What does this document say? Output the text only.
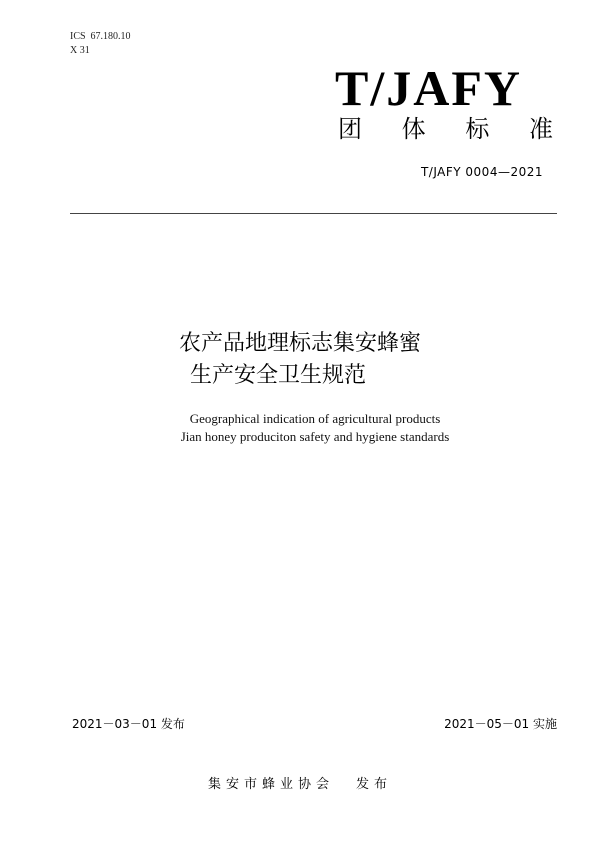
ICS  67.180.10
X 31
T/JAFY
团 体 标 准
T/JAFY 0004—2021
农产品地理标志集安蜂蜜
生产安全卫生规范
Geographical indication of agricultural products
Jian honey produciton safety and hygiene standards
2021－03－01 发布	2021－05－01 实施
集安市蜂业协会 发布
